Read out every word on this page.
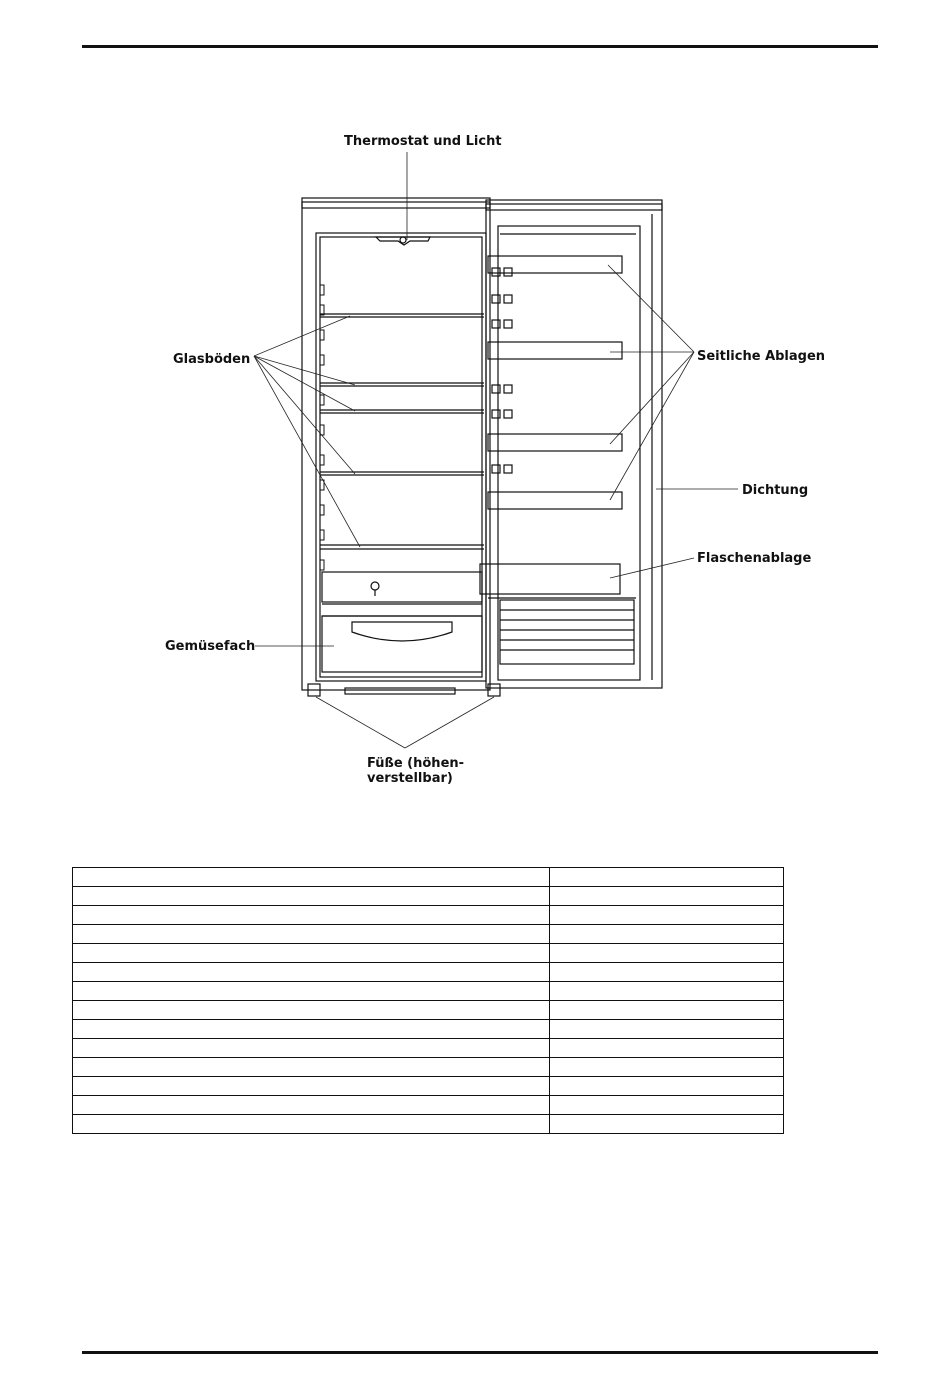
Thermostat und Licht
Glasböden	Seitliche Ablagen
Dichtung
Flaschenablage
Gemüsefach
Füße (höhen-
verstellbar)
